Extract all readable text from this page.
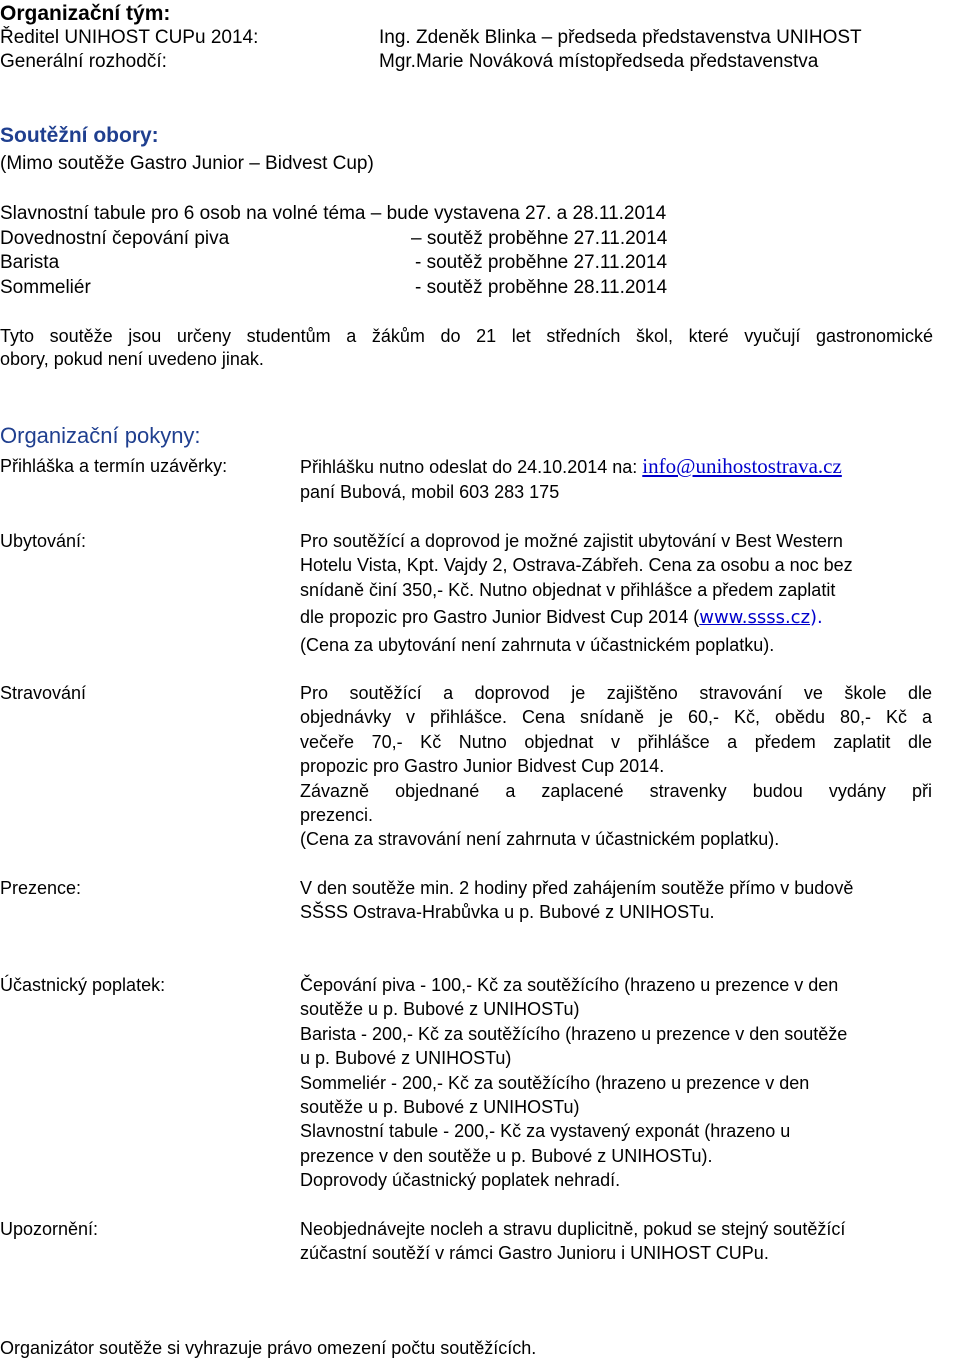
Organizační tým:
Ředitel UNIHOST CUPu 2014:	Ing. Zdeněk Blinka – předseda představenstva UNIHOST
Generální rozhodčí:	Mgr.Marie Nováková místopředseda představenstva
Soutěžní obory:
(Mimo soutěže Gastro Junior – Bidvest Cup)
Slavnostní tabule pro 6 osob na volné téma – bude vystavena 27. a 28.11.2014
Dovednostní čepování piva	– soutěž proběhne 27.11.2014
Barista	- soutěž proběhne 27.11.2014
Sommeliér	- soutěž proběhne 28.11.2014
Tyto soutěže jsou určeny studentům a žákům do 21 let středních škol, které vyučují gastronomické
obory, pokud není uvedeno jinak.
Organizační pokyny:
Přihláška a termín uzávěrky:	Přihlášku nutno odeslat do 24.10.2014 na: info@unihostostrava.cz
paní Bubová, mobil 603 283 175
Ubytování:	Pro soutěžící a doprovod je možné zajistit ubytování v Best Western
Hotelu Vista, Kpt. Vajdy 2, Ostrava-Zábřeh. Cena za osobu a noc bez
snídaně činí 350,- Kč. Nutno objednat v přihlášce a předem zaplatit
dle propozic pro Gastro Junior Bidvest Cup 2014 (www.ssss.cz).
(Cena za ubytování není zahrnuta v účastnickém poplatku).
Stravování	Pro soutěžící a doprovod je zajištěno stravování ve škole dle
objednávky v přihlášce. Cena snídaně je 60,- Kč, obědu 80,- Kč a
večeře 70,- Kč Nutno objednat v přihlášce a předem zaplatit dle
propozic pro Gastro Junior Bidvest Cup 2014.
Závazně objednané a zaplacené stravenky budou vydány při
prezenci.
(Cena za stravování není zahrnuta v účastnickém poplatku).
Prezence:	V den soutěže min. 2 hodiny před zahájením soutěže přímo v budově
SŠSS Ostrava-Hrabůvka u p. Bubové z UNIHOSTu.
Účastnický poplatek:	Čepování piva - 100,- Kč za soutěžícího (hrazeno u prezence v den
soutěže u p. Bubové z UNIHOSTu)
Barista - 200,- Kč za soutěžícího (hrazeno u prezence v den soutěže
u p. Bubové z UNIHOSTu)
Sommeliér - 200,- Kč za soutěžícího (hrazeno u prezence v den
soutěže u p. Bubové z UNIHOSTu)
Slavnostní tabule - 200,- Kč za vystavený exponát (hrazeno u
prezence v den soutěže u p. Bubové z UNIHOSTu).
Doprovody účastnický poplatek nehradí.
Upozornění:	Neobjednávejte nocleh a stravu duplicitně, pokud se stejný soutěžící
zúčastní soutěží v rámci Gastro Junioru i UNIHOST CUPu.
Organizátor soutěže si vyhrazuje právo omezení počtu soutěžících.
